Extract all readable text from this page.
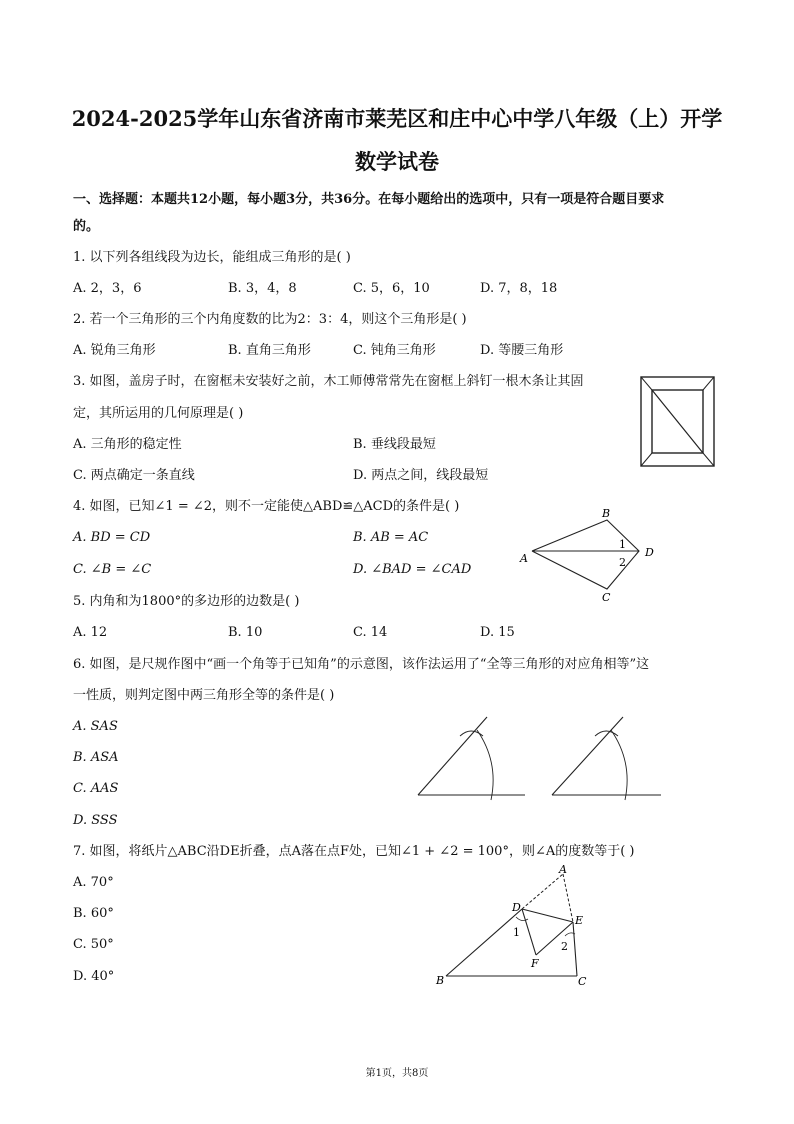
2024-2025学年山东省济南市莱芜区和庄中心中学八年级（上）开学
数学试卷
一、选择题：本题共12小题，每小题3分，共36分。在每小题给出的选项中，只有一项是符合题目要求
的。
1. 以下列各组线段为边长，能组成三角形的是( )
A. 2，3，6	B. 3，4，8	C. 5，6，10	D. 7，8，18
2. 若一个三角形的三个内角度数的比为2：3：4，则这个三角形是( )
A. 锐角三角形	B. 直角三角形	C. 钝角三角形	D. 等腰三角形
3. 如图，盖房子时，在窗框未安装好之前，木工师傅常常先在窗框上斜钉一根木条让其固
定，其所运用的几何原理是( )
A. 三角形的稳定性	B. 垂线段最短
C. 两点确定一条直线	D. 两点之间，线段最短
4. 如图，已知∠1 = ∠2，则不一定能使△ABD≌△ACD的条件是( )
A. BD = CD	B. AB = AC
C. ∠B = ∠C	D. ∠BAD = ∠CAD
A
B
C
D
1
2
5. 内角和为1800°的多边形的边数是( )
A. 12	B. 10	C. 14	D. 15
6. 如图，是尺规作图中“画一个角等于已知角”的示意图，该作法运用了“全等三角形的对应角相等”这
一性质，则判定图中两三角形全等的条件是( )
A. SAS
B. ASA
C. AAS
D. SSS
7. 如图，将纸片△ABC沿DE折叠，点A落在点F处，已知∠1 + ∠2 = 100°，则∠A的度数等于( )
A. 70°
B. 60°
C. 50°
D. 40°
A
B	C
D
E
F
1
2
第1页，共8页
